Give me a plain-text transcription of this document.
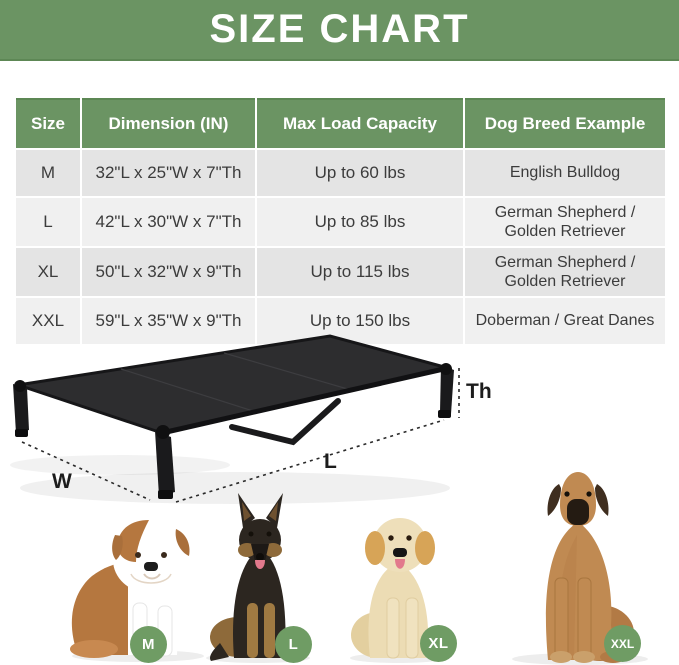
SIZE CHART
Size	Dimension (IN)	Max Load Capacity	Dog Breed Example
M	32"L x 25"W x 7"Th	Up to 60 lbs	English Bulldog
L	42"L x 30"W x 7"Th	Up to 85 lbs	German Shepherd / Golden Retriever
XL	50"L x 32"W x 9"Th	Up to 115 lbs	German Shepherd / Golden Retriever
XXL	59"L x 35"W x 9"Th	Up to 150 lbs	Doberman / Great Danes
W
L
Th
M	L	XL	XXL
